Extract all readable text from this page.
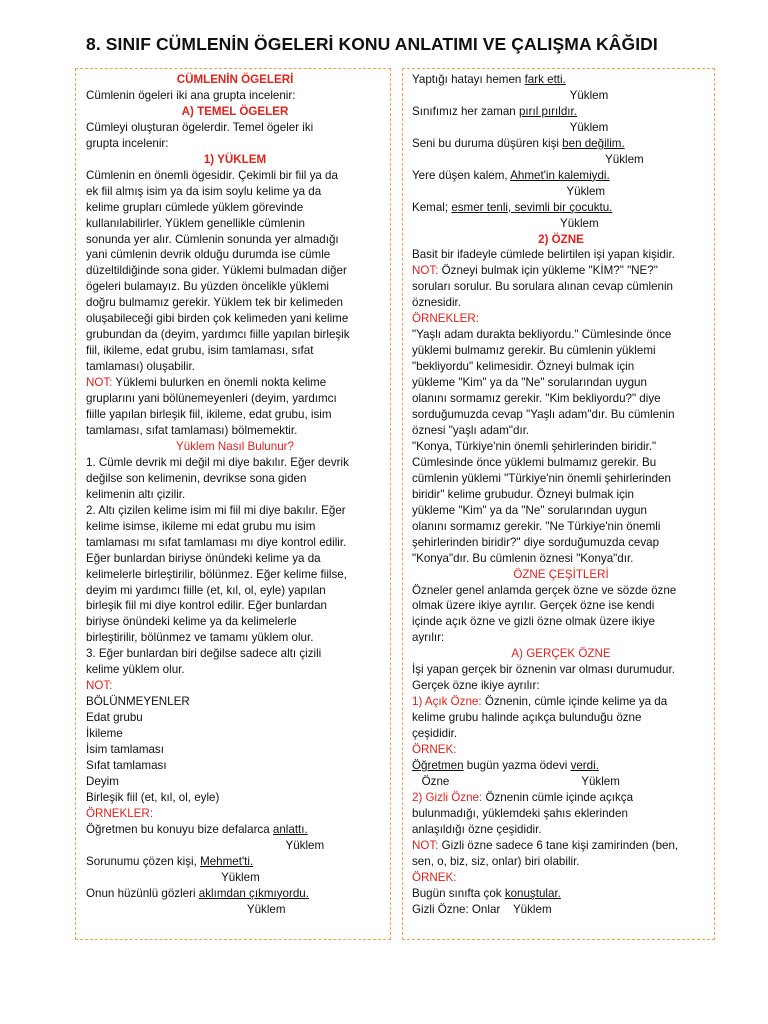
8. SINIF CÜMLENİN ÖGELERİ KONU ANLATIMI VE ÇALIŞMA KÂĞIDI
CÜMLENİN ÖGELERİ
Cümlenin ögeleri iki ana grupta incelenir:
A) TEMEL ÖGELER
Cümleyi oluşturan ögelerdir. Temel ögeler iki
grupta incelenir:
1) YÜKLEM
Cümlenin en önemli ögesidir. Çekimli bir fiil ya da
ek fiil almış isim ya da isim soylu kelime ya da
kelime grupları cümlede yüklem görevinde
kullanılabilirler. Yüklem genellikle cümlenin
sonunda yer alır. Cümlenin sonunda yer almadığı
yani cümlenin devrik olduğu durumda ise cümle
düzeltildiğinde sona gider. Yüklemi bulmadan diğer
ögeleri bulamayız. Bu yüzden öncelikle yüklemi
doğru bulmamız gerekir. Yüklem tek bir kelimeden
oluşabileceği gibi birden çok kelimeden yani kelime
grubundan da (deyim, yardımcı fiille yapılan birleşik
fiil, ikileme, edat grubu, isim tamlaması, sıfat
tamlaması) oluşabilir.
NOT: Yüklemi bulurken en önemli nokta kelime
gruplarını yani bölünemeyenleri (deyim, yardımcı
fiille yapılan birleşik fiil, ikileme, edat grubu, isim
tamlaması, sıfat tamlaması) bölmemektir.
Yüklem Nasıl Bulunur?
1. Cümle devrik mi değil mi diye bakılır. Eğer devrik
değilse son kelimenin, devrikse sona giden
kelimenin altı çizilir.
2. Altı çizilen kelime isim mi fiil mi diye bakılır. Eğer
kelime isimse, ikileme mi edat grubu mu isim
tamlaması mı sıfat tamlaması mı diye kontrol edilir.
Eğer bunlardan biriyse önündeki kelime ya da
kelimelerle birleştirilir, bölünmez. Eğer kelime fiilse,
deyim mi yardımcı fiille (et, kıl, ol, eyle) yapılan
birleşik fiil mi diye kontrol edilir. Eğer bunlardan
biriyse önündeki kelime ya da kelimelerle
birleştirilir, bölünmez ve tamamı yüklem olur.
3. Eğer bunlardan biri değilse sadece altı çizili
kelime yüklem olur.
NOT:
BÖLÜNMEYENLER
Edat grubu
İkileme
İsim tamlaması
Sıfat tamlaması
Deyim
Birleşik fiil (et, kıl, ol, eyle)
ÖRNEKLER:
Öğretmen bu konuyu bize defalarca anlattı.
Yüklem
Sorunumu çözen kişi, Mehmet'ti.
Yüklem
Onun hüzünlü gözleri aklımdan çıkmıyordu.
Yüklem
Yaptığı hatayı hemen fark etti.
Yüklem
Sınıfımız her zaman pırıl pırıldır.
Yüklem
Seni bu duruma düşüren kişi ben değilim.
Yüklem
Yere düşen kalem, Ahmet'in kalemiydi.
Yüklem
Kemal; esmer tenli, sevimli bir çocuktu.
Yüklem
2) ÖZNE
Basit bir ifadeyle cümlede belirtilen işi yapan kişidir.
NOT: Özneyi bulmak için yükleme "KİM?" "NE?"
soruları sorulur. Bu sorulara alınan cevap cümlenin
öznesidir.
ÖRNEKLER:
"Yaşlı adam durakta bekliyordu." Cümlesinde önce
yüklemi bulmamız gerekir. Bu cümlenin yüklemi
"bekliyordu" kelimesidir. Özneyi bulmak için
yükleme "Kim" ya da "Ne" sorularından uygun
olanını sormamız gerekir. "Kim bekliyordu?" diye
sorduğumuzda cevap "Yaşlı adam"dır. Bu cümlenin
öznesi "yaşlı adam"dır.
"Konya, Türkiye'nin önemli şehirlerinden biridir."
Cümlesinde önce yüklemi bulmamız gerekir. Bu
cümlenin yüklemi "Türkiye'nin önemli şehirlerinden
biridir" kelime grubudur. Özneyi bulmak için
yükleme "Kim" ya da "Ne" sorularından uygun
olanını sormamız gerekir. "Ne Türkiye'nin önemli
şehirlerinden biridir?" diye sorduğumuzda cevap
"Konya"dır. Bu cümlenin öznesi "Konya"dır.
ÖZNE ÇEŞİTLERİ
Özneler genel anlamda gerçek özne ve sözde özne
olmak üzere ikiye ayrılır. Gerçek özne ise kendi
içinde açık özne ve gizli özne olmak üzere ikiye
ayrılır:
A) GERÇEK ÖZNE
İşi yapan gerçek bir öznenin var olması durumudur.
Gerçek özne ikiye ayrılır:
1) Açık Özne: Öznenin, cümle içinde kelime ya da
kelime grubu halinde açıkça bulunduğu özne
çeşididir.
ÖRNEK:
Öğretmen bugün yazma ödevi verdi.
Özne                                         Yüklem
2) Gizli Özne: Öznenin cümle içinde açıkça
bulunmadığı, yüklemdeki şahıs eklerinden
anlaşıldığı özne çeşididir.
NOT: Gizli özne sadece 6 tane kişi zamirinden (ben,
sen, o, biz, siz, onlar) biri olabilir.
ÖRNEK:
Bugün sınıfta çok konuştular.
Gizli Özne: Onlar    Yüklem
